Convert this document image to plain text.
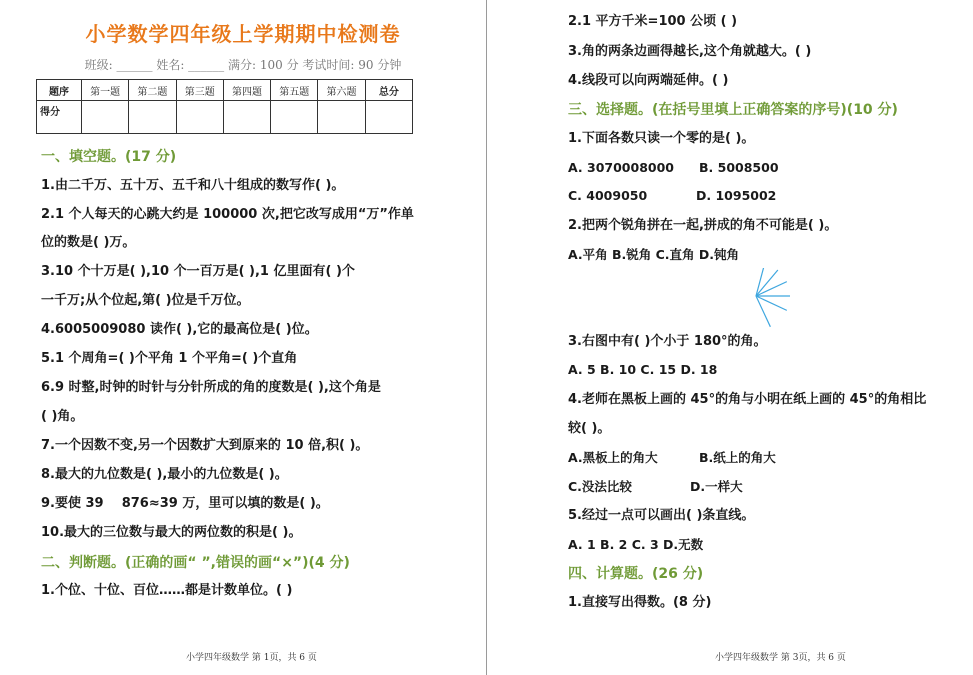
小学数学四年级上学期期中检测卷
班级: ______ 姓名: ______ 满分: 100 分 考试时间: 90 分钟
题序	第一题	第二题	第三题	第四题	第五题	第六题	总分
得分							
一、填空题。(17 分)
1.由二千万、五十万、五千和八十组成的数写作( )。
2.1 个人每天的心跳大约是 100000 次,把它改写成用“万”作单
位的数是( )万。
3.10 个十万是( ),10 个一百万是( ),1 亿里面有( )个
一千万;从个位起,第( )位是千万位。
4.6005009080 读作( ),它的最高位是( )位。
5.1 个周角=( )个平角 1 个平角=( )个直角
6.9 时整,时钟的时针与分针所成的角的度数是( ),这个角是
( )角。
7.一个因数不变,另一个因数扩大到原来的 10 倍,积( )。
8.最大的九位数是( ),最小的九位数是( )。
9.要使 39    876≈39 万，里可以填的数是( )。
10.最大的三位数与最大的两位数的积是( )。
二、判断题。(正确的画“ ”,错误的画“×”)(4 分)
1.个位、十位、百位……都是计数单位。( )
小学四年级数学 第 1页，共 6 页
2.1 平方千米=100 公顷 ( )
3.角的两条边画得越长,这个角就越大。( )
4.线段可以向两端延伸。( )
三、选择题。(在括号里填上正确答案的序号)(10 分)
1.下面各数只读一个零的是( )。
A. 3070008000 B. 5008500
C. 4009050	D. 1095002
2.把两个锐角拼在一起,拼成的角不可能是( )。
A.平角 B.锐角 C.直角 D.钝角
3.右图中有( )个小于 180°的角。
A. 5 B. 10 C. 15 D. 18
4.老师在黑板上画的 45°的角与小明在纸上画的 45°的角相比
较( )。
A.黑板上的角大	B.纸上的角大
C.没法比较	D.一样大
5.经过一点可以画出( )条直线。
A. 1 B. 2 C. 3 D.无数
四、计算题。(26 分)
1.直接写出得数。(8 分)
小学四年级数学 第 3页，共 6 页
